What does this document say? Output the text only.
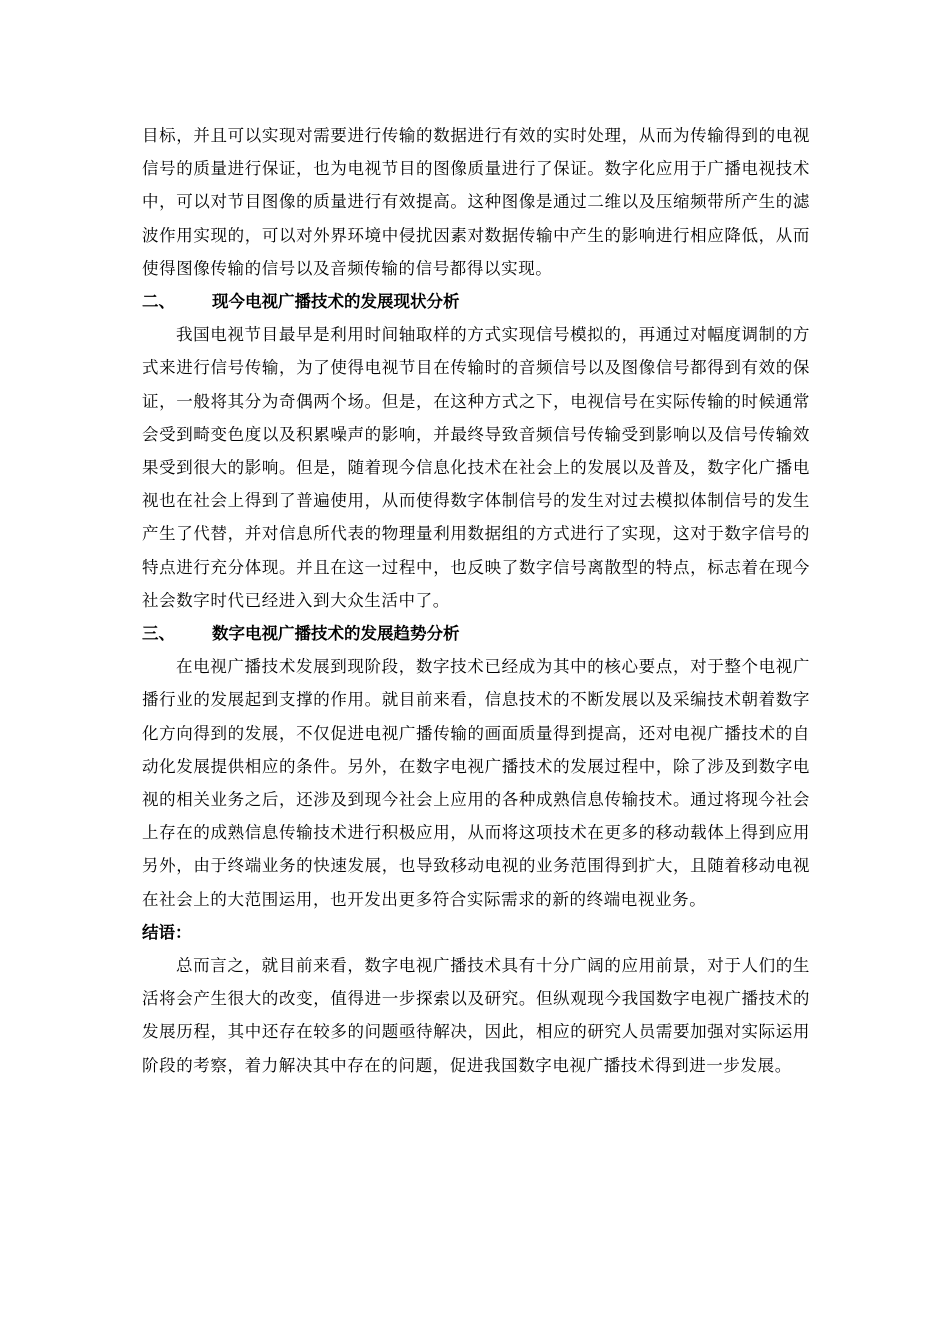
目标，并且可以实现对需要进行传输的数据进行有效的实时处理，从而为传输得到的电视信号的质量进行保证，也为电视节目的图像质量进行了保证。数字化应用于广播电视技术中，可以对节目图像的质量进行有效提高。这种图像是通过二维以及压缩频带所产生的滤波作用实现的，可以对外界环境中侵扰因素对数据传输中产生的影响进行相应降低，从而使得图像传输的信号以及音频传输的信号都得以实现。

二、	现今电视广播技术的发展现状分析

我国电视节目最早是利用时间轴取样的方式实现信号模拟的，再通过对幅度调制的方式来进行信号传输，为了使得电视节目在传输时的音频信号以及图像信号都得到有效的保证，一般将其分为奇偶两个场。但是，在这种方式之下，电视信号在实际传输的时候通常会受到畸变色度以及积累噪声的影响，并最终导致音频信号传输受到影响以及信号传输效果受到很大的影响。但是，随着现今信息化技术在社会上的发展以及普及，数字化广播电视也在社会上得到了普遍使用，从而使得数字体制信号的发生对过去模拟体制信号的发生产生了代替，并对信息所代表的物理量利用数据组的方式进行了实现，这对于数字信号的特点进行充分体现。并且在这一过程中，也反映了数字信号离散型的特点，标志着在现今社会数字时代已经进入到大众生活中了。

三、	数字电视广播技术的发展趋势分析

在电视广播技术发展到现阶段，数字技术已经成为其中的核心要点，对于整个电视广播行业的发展起到支撑的作用。就目前来看，信息技术的不断发展以及采编技术朝着数字化方向得到的发展，不仅促进电视广播传输的画面质量得到提高，还对电视广播技术的自动化发展提供相应的条件。另外，在数字电视广播技术的发展过程中，除了涉及到数字电视的相关业务之后，还涉及到现今社会上应用的各种成熟信息传输技术。通过将现今社会上存在的成熟信息传输技术进行积极应用，从而将这项技术在更多的移动载体上得到应用另外，由于终端业务的快速发展，也导致移动电视的业务范围得到扩大，且随着移动电视在社会上的大范围运用，也开发出更多符合实际需求的新的终端电视业务。

结语：

总而言之，就目前来看，数字电视广播技术具有十分广阔的应用前景，对于人们的生活将会产生很大的改变，值得进一步探索以及研究。但纵观现今我国数字电视广播技术的发展历程，其中还存在较多的问题亟待解决，因此，相应的研究人员需要加强对实际运用阶段的考察，着力解决其中存在的问题，促进我国数字电视广播技术得到进一步发展。
